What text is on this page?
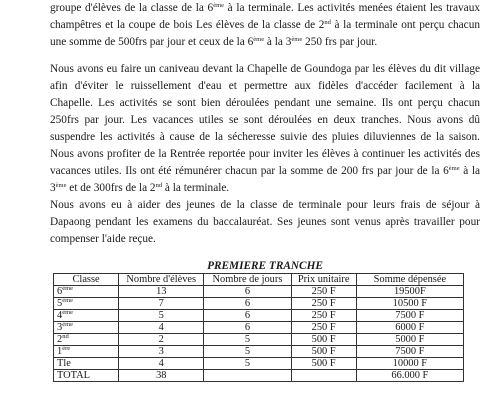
groupe d'élèves de la classe de la 6ème à la terminale. Les activités menées étaient les travaux
champêtres et la coupe de bois Les élèves de la classe de 2nd à la terminale ont perçu chacun
une somme de 500frs par jour et ceux de la 6ème à la 3ème 250 frs par jour.
Nous avons eu faire un caniveau devant la Chapelle de Goundoga par les élèves du dit village
afin d'éviter le ruissellement d'eau et permettre aux fidèles d'accéder facilement à la
Chapelle. Les activités se sont bien déroulées pendant une semaine. Ils ont perçu chacun
250frs par jour. Les vacances utiles se sont déroulées en deux tranches. Nous avons dû
suspendre les activités à cause de la sécheresse suivie des pluies diluviennes de la saison.
Nous avons profiter de la Rentrée reportée pour inviter les élèves à continuer les activités des
vacances utiles. Ils ont été rémunérer chacun par la somme de 200 frs par jour de la 6ème à la
3ème et de 300frs de la 2nd à la terminale.
Nous avons eu à aider des jeunes de la classe de terminale pour leurs frais de séjour à
Dapaong pendant les examens du baccalauréat. Ses jeunes sont venus après travailler pour
compenser l'aide reçue.

PREMIERE TRANCHE

Classe	Nombre d'élèves	Nombre de jours	Prix unitaire	Somme dépensée
6ème	13	6	250 F	19500F
5ème	7	6	250 F	10500 F
4ème	5	6	250 F	7500 F
3ème	4	6	250 F	6000 F
2nd	2	5	500 F	5000 F
1ère	3	5	500 F	7500 F
Tle	4	5	500 F	10000 F
TOTAL	38			66.000 F
